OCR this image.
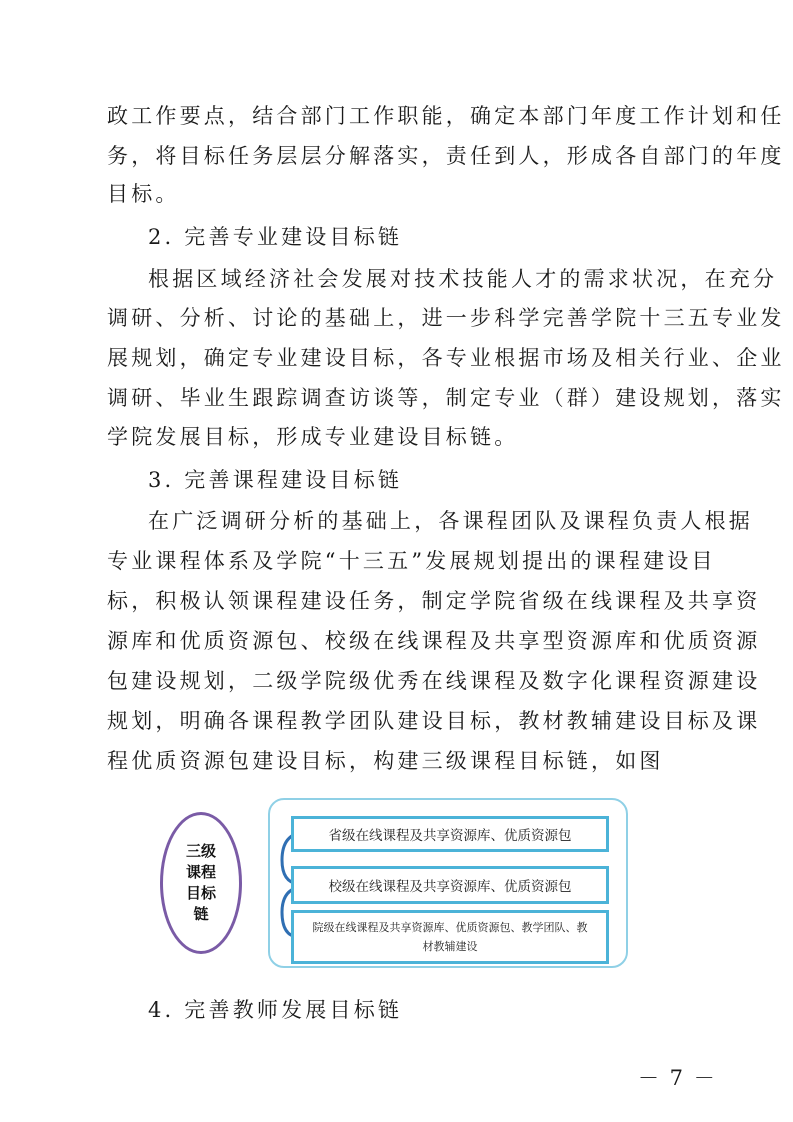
政工作要点，结合部门工作职能，确定本部门年度工作计划和任
务，将目标任务层层分解落实，责任到人，形成各自部门的年度
目标。
2. 完善专业建设目标链
根据区域经济社会发展对技术技能人才的需求状况，在充分
调研、分析、讨论的基础上，进一步科学完善学院十三五专业发
展规划，确定专业建设目标，各专业根据市场及相关行业、企业
调研、毕业生跟踪调查访谈等，制定专业（群）建设规划，落实
学院发展目标，形成专业建设目标链。
3. 完善课程建设目标链
在广泛调研分析的基础上，各课程团队及课程负责人根据
专业课程体系及学院“十三五”发展规划提出的课程建设目
标，积极认领课程建设任务，制定学院省级在线课程及共享资
源库和优质资源包、校级在线课程及共享型资源库和优质资源
包建设规划，二级学院级优秀在线课程及数字化课程资源建设
规划，明确各课程教学团队建设目标，教材教辅建设目标及课
程优质资源包建设目标，构建三级课程目标链，如图
三级课程目标链
省级在线课程及共享资源库、优质资源包
校级在线课程及共享资源库、优质资源包
院级在线课程及共享资源库、优质资源包、教学团队、教材教辅建设
4. 完善教师发展目标链
－ 7 －
